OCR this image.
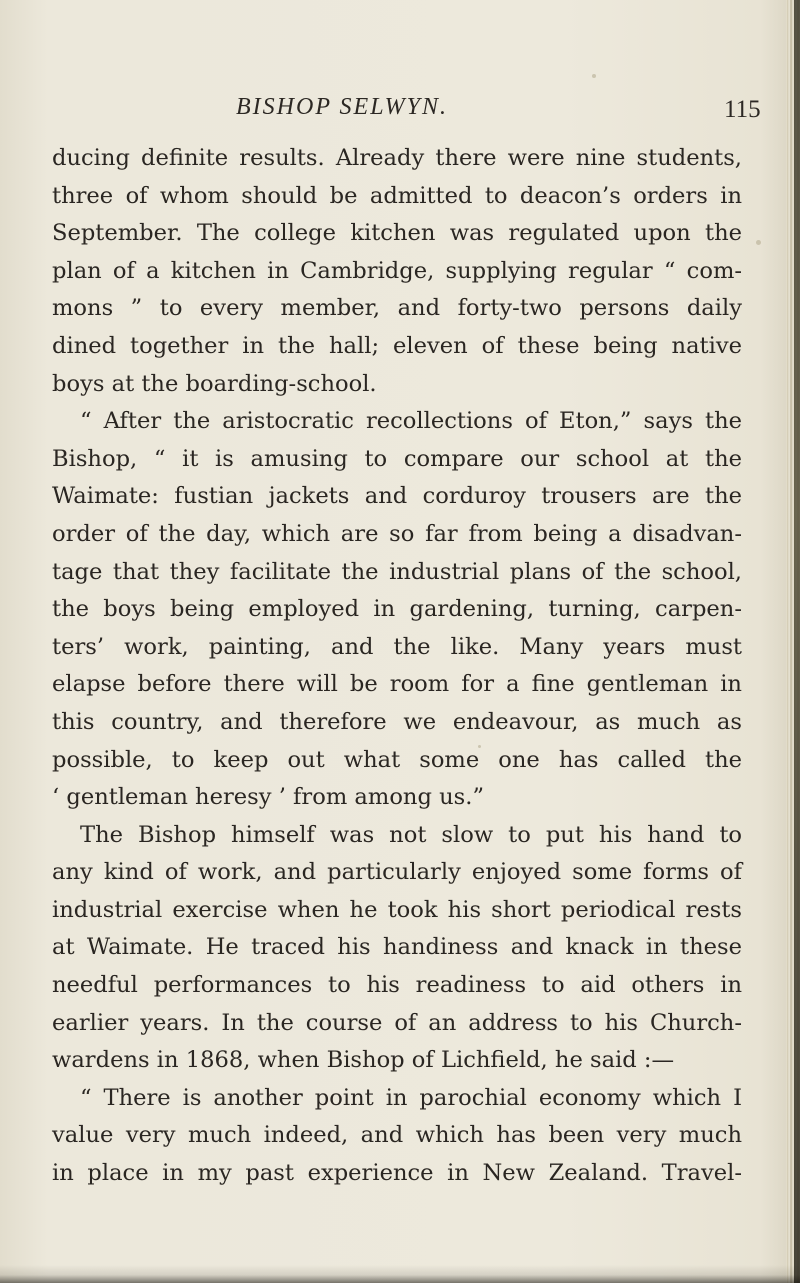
BISHOP SELWYN.	115
ducing definite results. Already there were nine students,
three of whom should be admitted to deacon’s orders in
September. The college kitchen was regulated upon the
plan of a kitchen in Cambridge, supplying regular “ com-
mons ” to every member, and forty-two persons daily
dined together in the hall; eleven of these being native
boys at the boarding-school.
“ After the aristocratic recollections of Eton,” says the
Bishop, “ it is amusing to compare our school at the
Waimate: fustian jackets and corduroy trousers are the
order of the day, which are so far from being a disadvan-
tage that they facilitate the industrial plans of the school,
the boys being employed in gardening, turning, carpen-
ters’ work, painting, and the like. Many years must
elapse before there will be room for a fine gentleman in
this country, and therefore we endeavour, as much as
possible, to keep out what some one has called the
‘ gentleman heresy ’ from among us.”
The Bishop himself was not slow to put his hand to
any kind of work, and particularly enjoyed some forms of
industrial exercise when he took his short periodical rests
at Waimate. He traced his handiness and knack in these
needful performances to his readiness to aid others in
earlier years. In the course of an address to his Church-
wardens in 1868, when Bishop of Lichfield, he said :—
“ There is another point in parochial economy which I
value very much indeed, and which has been very much
in place in my past experience in New Zealand. Travel-
